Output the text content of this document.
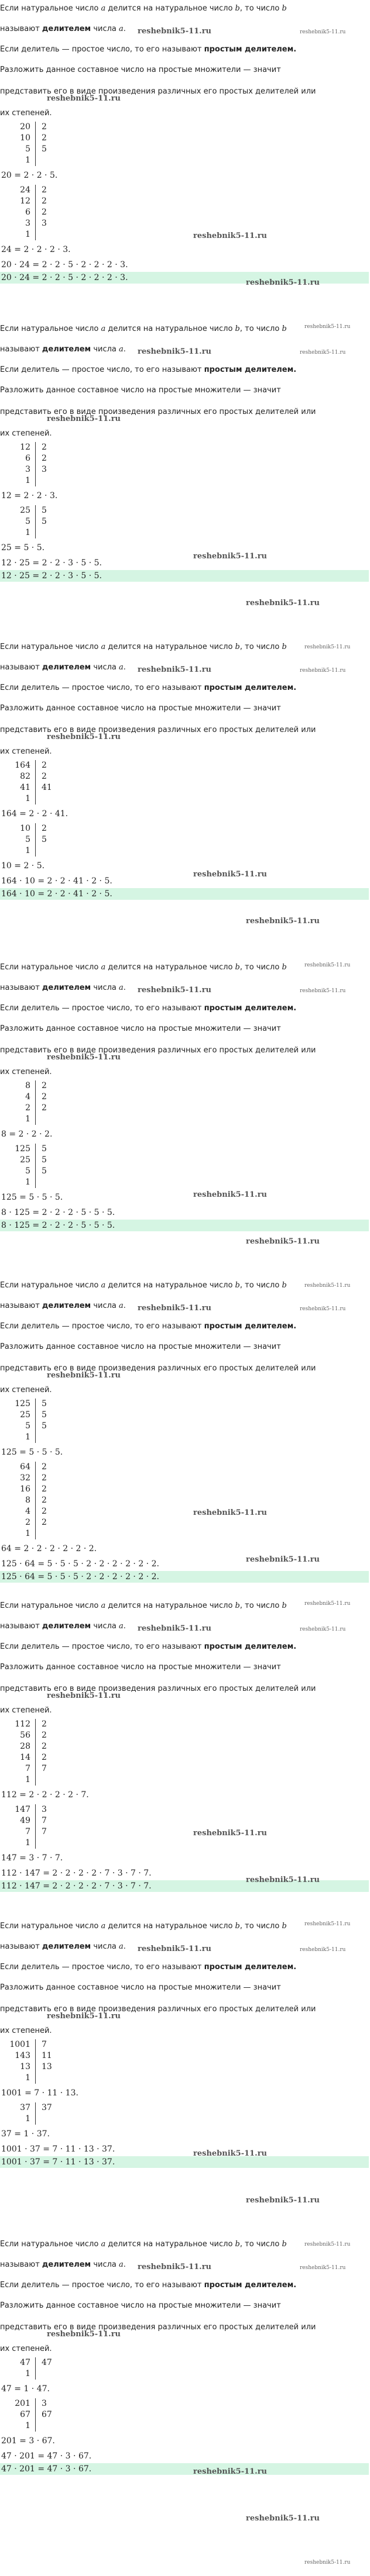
Если натуральное число a делится на натуральное число b, то число b
называют делителем числа a.
Если делитель — простое число, то его называют простым делителем.
Разложить данное составное число на простые множители — значит
представить его в виде произведения различных его простых делителей или
их степеней.
20	2
10	2
5	5
1
20 = 2 · 2 · 5.
24	2
12	2
6	2
3	3
1
24 = 2 · 2 · 2 · 3.
20 · 24 = 2 · 2 · 5 · 2 · 2 · 2 · 3.
20 · 24 = 2 · 2 · 5 · 2 · 2 · 2 · 3.
reshebnik5-11.ru	reshebnik5-11.ru
reshebnik5-11.ru
reshebnik5-11.ru
reshebnik5-11.ru
reshebnik5-11.ru
Если натуральное число a делится на натуральное число b, то число b
называют делителем числа a.
Если делитель — простое число, то его называют простым делителем.
Разложить данное составное число на простые множители — значит
представить его в виде произведения различных его простых делителей или
их степеней.
12	2
6	2
3	3
1
12 = 2 · 2 · 3.
25	5
5	5
1
25 = 5 · 5.
12 · 25 = 2 · 2 · 3 · 5 · 5.
12 · 25 = 2 · 2 · 3 · 5 · 5.
reshebnik5-11.ru	reshebnik5-11.ru
reshebnik5-11.ru
reshebnik5-11.ru
reshebnik5-11.ru
reshebnik5-11.ru
Если натуральное число a делится на натуральное число b, то число b
называют делителем числа a.
Если делитель — простое число, то его называют простым делителем.
Разложить данное составное число на простые множители — значит
представить его в виде произведения различных его простых делителей или
их степеней.
164	2
82	2
41	41
1
164 = 2 · 2 · 41.
10	2
5	5
1
10 = 2 · 5.
164 · 10 = 2 · 2 · 41 · 2 · 5.
164 · 10 = 2 · 2 · 41 · 2 · 5.
reshebnik5-11.ru	reshebnik5-11.ru
reshebnik5-11.ru
reshebnik5-11.ru
reshebnik5-11.ru
reshebnik5-11.ru
Если натуральное число a делится на натуральное число b, то число b
называют делителем числа a.
Если делитель — простое число, то его называют простым делителем.
Разложить данное составное число на простые множители — значит
представить его в виде произведения различных его простых делителей или
их степеней.
8	2
4	2
2	2
1
8 = 2 · 2 · 2.
125	5
25	5
5	5
1
125 = 5 · 5 · 5.
8 · 125 = 2 · 2 · 2 · 5 · 5 · 5.
8 · 125 = 2 · 2 · 2 · 5 · 5 · 5.
reshebnik5-11.ru	reshebnik5-11.ru
reshebnik5-11.ru
reshebnik5-11.ru
reshebnik5-11.ru
reshebnik5-11.ru
Если натуральное число a делится на натуральное число b, то число b
называют делителем числа a.
Если делитель — простое число, то его называют простым делителем.
Разложить данное составное число на простые множители — значит
представить его в виде произведения различных его простых делителей или
их степеней.
125	5
25	5
5	5
1
125 = 5 · 5 · 5.
64	2
32	2
16	2
8	2
4	2
2	2
1
64 = 2 · 2 · 2 · 2 · 2 · 2.
125 · 64 = 5 · 5 · 5 · 2 · 2 · 2 · 2 · 2 · 2.
125 · 64 = 5 · 5 · 5 · 2 · 2 · 2 · 2 · 2 · 2.
reshebnik5-11.ru	reshebnik5-11.ru
reshebnik5-11.ru
reshebnik5-11.ru
reshebnik5-11.ru
reshebnik5-11.ru
Если натуральное число a делится на натуральное число b, то число b
называют делителем числа a.
Если делитель — простое число, то его называют простым делителем.
Разложить данное составное число на простые множители — значит
представить его в виде произведения различных его простых делителей или
их степеней.
112	2
56	2
28	2
14	2
7	7
1
112 = 2 · 2 · 2 · 2 · 7.
147	3
49	7
7	7
1
147 = 3 · 7 · 7.
112 · 147 = 2 · 2 · 2 · 2 · 7 · 3 · 7 · 7.
112 · 147 = 2 · 2 · 2 · 2 · 7 · 3 · 7 · 7.
reshebnik5-11.ru	reshebnik5-11.ru
reshebnik5-11.ru
reshebnik5-11.ru
reshebnik5-11.ru
reshebnik5-11.ru
Если натуральное число a делится на натуральное число b, то число b
называют делителем числа a.
Если делитель — простое число, то его называют простым делителем.
Разложить данное составное число на простые множители — значит
представить его в виде произведения различных его простых делителей или
их степеней.
1001	7
143	11
13	13
1
1001 = 7 · 11 · 13.
37	37
1
37 = 1 · 37.
1001 · 37 = 7 · 11 · 13 · 37.
1001 · 37 = 7 · 11 · 13 · 37.
reshebnik5-11.ru	reshebnik5-11.ru
reshebnik5-11.ru
reshebnik5-11.ru
reshebnik5-11.ru
reshebnik5-11.ru
Если натуральное число a делится на натуральное число b, то число b
называют делителем числа a.
Если делитель — простое число, то его называют простым делителем.
Разложить данное составное число на простые множители — значит
представить его в виде произведения различных его простых делителей или
их степеней.
47	47
1
47 = 1 · 47.
201	3
67	67
1
201 = 3 · 67.
47 · 201 = 47 · 3 · 67.
47 · 201 = 47 · 3 · 67.
reshebnik5-11.ru	reshebnik5-11.ru
reshebnik5-11.ru
reshebnik5-11.ru
reshebnik5-11.ru
reshebnik5-11.ru
